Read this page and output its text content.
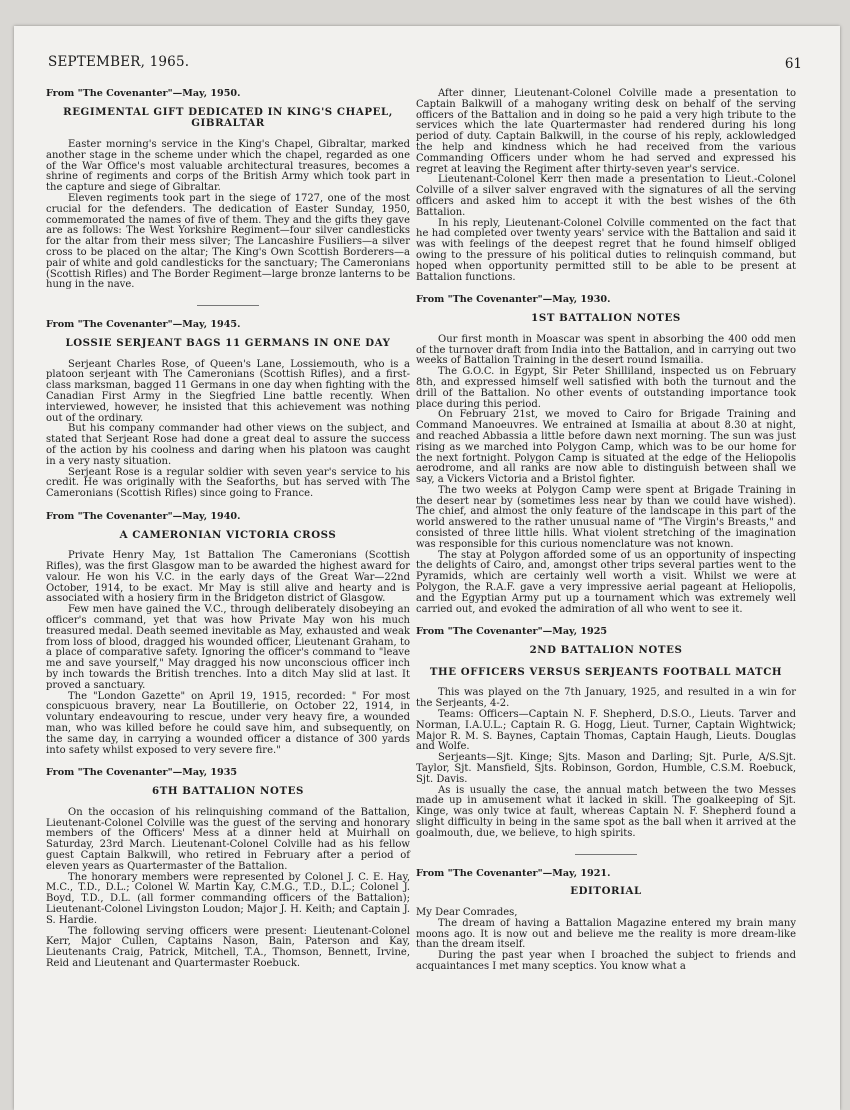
SEPTEMBER, 1965.	61
From "The Covenanter"—May, 1950.
REGIMENTAL GIFT DEDICATED IN KING'S CHAPEL, GIBRALTAR

Easter morning's service in the King's Chapel, Gibraltar, marked another stage in the scheme under which the chapel, regarded as one of the War Office's most valuable architectural treasures, becomes a shrine of regiments and corps of the British Army which took part in the capture and siege of Gibraltar.

Eleven regiments took part in the siege of 1727, one of the most crucial for the defenders. The dedication of Easter Sunday, 1950, commemorated the names of five of them. They and the gifts they gave are as follows: The West Yorkshire Regiment—four silver candlesticks for the altar from their mess silver; The Lancashire Fusiliers—a silver cross to be placed on the altar; The King's Own Scottish Borderers—a pair of white and gold candlesticks for the sanctuary; The Cameronians (Scottish Rifles) and The Border Regiment—large bronze lanterns to be hung in the nave.

From "The Covenanter"—May, 1945.
LOSSIE SERJEANT BAGS 11 GERMANS IN ONE DAY

Serjeant Charles Rose, of Queen's Lane, Lossiemouth, who is a platoon serjeant with The Cameronians (Scottish Rifles), and a first-class marksman, bagged 11 Germans in one day when fighting with the Canadian First Army in the Siegfried Line battle recently. When interviewed, however, he insisted that this achievement was nothing out of the ordinary.

But his company commander had other views on the subject, and stated that Serjeant Rose had done a great deal to assure the success of the action by his coolness and daring when his platoon was caught in a very nasty situation.

Serjeant Rose is a regular soldier with seven year's service to his credit. He was originally with the Seaforths, but has served with The Cameronians (Scottish Rifles) since going to France.

From "The Covenanter"—May, 1940.
A CAMERONIAN VICTORIA CROSS

Private Henry May, 1st Battalion The Cameronians (Scottish Rifles), was the first Glasgow man to be awarded the highest award for valour. He won his V.C. in the early days of the Great War—22nd October, 1914, to be exact. Mr May is still alive and hearty and is associated with a hosiery firm in the Bridgeton district of Glasgow.

Few men have gained the V.C., through deliberately disobeying an officer's command, yet that was how Private May won his much treasured medal. Death seemed inevitable as May, exhausted and weak from loss of blood, dragged his wounded officer, Lieutenant Graham, to a place of comparative safety. Ignoring the officer's command to "leave me and save yourself," May dragged his now unconscious officer inch by inch towards the British trenches. Into a ditch May slid at last. It proved a sanctuary.

The "London Gazette" on April 19, 1915, recorded: " For most conspicuous bravery, near La Boutillerie, on October 22, 1914, in voluntary endeavouring to rescue, under very heavy fire, a wounded man, who was killed before he could save him, and subsequently, on the same day, in carrying a wounded officer a distance of 300 yards into safety whilst exposed to very severe fire."

From "The Covenanter"—May, 1935
6TH BATTALION NOTES

On the occasion of his relinquishing command of the Battalion, Lieutenant-Colonel Colville was the guest of the serving and honorary members of the Officers' Mess at a dinner held at Muirhall on Saturday, 23rd March. Lieutenant-Colonel Colville had as his fellow guest Captain Balkwill, who retired in February after a period of eleven years as Quartermaster of the Battalion.

The honorary members were represented by Colonel J. C. E. Hay, M.C., T.D., D.L.; Colonel W. Martin Kay, C.M.G., T.D., D.L.; Colonel J. Boyd, T.D., D.L. (all former commanding officers of the Battalion); Lieutenant-Colonel Livingston Loudon; Major J. H. Keith; and Captain J. S. Hardie.

The following serving officers were present: Lieutenant-Colonel Kerr, Major Cullen, Captains Nason, Bain, Paterson and Kay, Lieutenants Craig, Patrick, Mitchell, T.A., Thomson, Bennett, Irvine, Reid and Lieutenant and Quartermaster Roebuck.

After dinner, Lieutenant-Colonel Colville made a presentation to Captain Balkwill of a mahogany writing desk on behalf of the serving officers of the Battalion and in doing so he paid a very high tribute to the services which the late Quartermaster had rendered during his long period of duty. Captain Balkwill, in the course of his reply, acklowledged the help and kindness which he had received from the various Commanding Officers under whom he had served and expressed his regret at leaving the Regiment after thirty-seven year's service.

Lieutenant-Colonel Kerr then made a presentation to Lieut.-Colonel Colville of a silver salver engraved with the signatures of all the serving officers and asked him to accept it with the best wishes of the 6th Battalion.

In his reply, Lieutenant-Colonel Colville commented on the fact that he had completed over twenty years' service with the Battalion and said it was with feelings of the deepest regret that he found himself obliged owing to the pressure of his political duties to relinquish command, but hoped when opportunity permitted still to be able to be present at Battalion functions.

From "The Covenanter"—May, 1930.
1ST BATTALION NOTES

Our first month in Moascar was spent in absorbing the 400 odd men of the turnover draft from India into the Battalion, and in carrying out two weeks of Battalion Training in the desert round Ismailia.

The G.O.C. in Egypt, Sir Peter Shilliland, inspected us on February 8th, and expressed himself well satisfied with both the turnout and the drill of the Battalion. No other events of outstanding importance took place during this period.

On February 21st, we moved to Cairo for Brigade Training and Command Manoeuvres. We entrained at Ismailia at about 8.30 at night, and reached Abbassia a little before dawn next morning. The sun was just rising as we marched into Polygon Camp, which was to be our home for the next fortnight. Polygon Camp is situated at the edge of the Heliopolis aerodrome, and all ranks are now able to distinguish between shall we say, a Vickers Victoria and a Bristol fighter.

The two weeks at Polygon Camp were spent at Brigade Training in the desert near by (sometimes less near by than we could have wished). The chief, and almost the only feature of the landscape in this part of the world answered to the rather unusual name of "The Virgin's Breasts," and consisted of three little hills. What violent stretching of the imagination was responsible for this curious nomenclature was not known.

The stay at Polygon afforded some of us an opportunity of inspecting the delights of Cairo, and, amongst other trips several parties went to the Pyramids, which are certainly well worth a visit. Whilst we were at Polygon, the R.A.F. gave a very impressive aerial pageant at Heliopolis, and the Egyptian Army put up a tournament which was extremely well carried out, and evoked the admiration of all who went to see it.

From "The Covenanter"—May, 1925
2ND BATTALION NOTES
THE OFFICERS VERSUS SERJEANTS FOOTBALL MATCH

This was played on the 7th January, 1925, and resulted in a win for the Serjeants, 4-2.

Teams: Officers—Captain N. F. Shepherd, D.S.O., Lieuts. Tarver and Norman, I.A.U.L.; Captain R. G. Hogg, Lieut. Turner, Captain Wightwick; Major R. M. S. Baynes, Captain Thomas, Captain Haugh, Lieuts. Douglas and Wolfe.

Serjeants—Sjt. Kinge; Sjts. Mason and Darling; Sjt. Purle, A/S.Sjt. Taylor, Sjt. Mansfield, Sjts. Robinson, Gordon, Humble, C.S.M. Roebuck, Sjt. Davis.

As is usually the case, the annual match between the two Messes made up in amusement what it lacked in skill. The goalkeeping of Sjt. Kinge, was only twice at fault, whereas Captain N. F. Shepherd found a slight difficulty in being in the same spot as the ball when it arrived at the goalmouth, due, we believe, to high spirits.

From "The Covenanter"—May, 1921.
EDITORIAL

My Dear Comrades,

The dream of having a Battalion Magazine entered my brain many moons ago. It is now out and believe me the reality is more dream-like than the dream itself.

During the past year when I broached the subject to friends and acquaintances I met many sceptics. You know what a
